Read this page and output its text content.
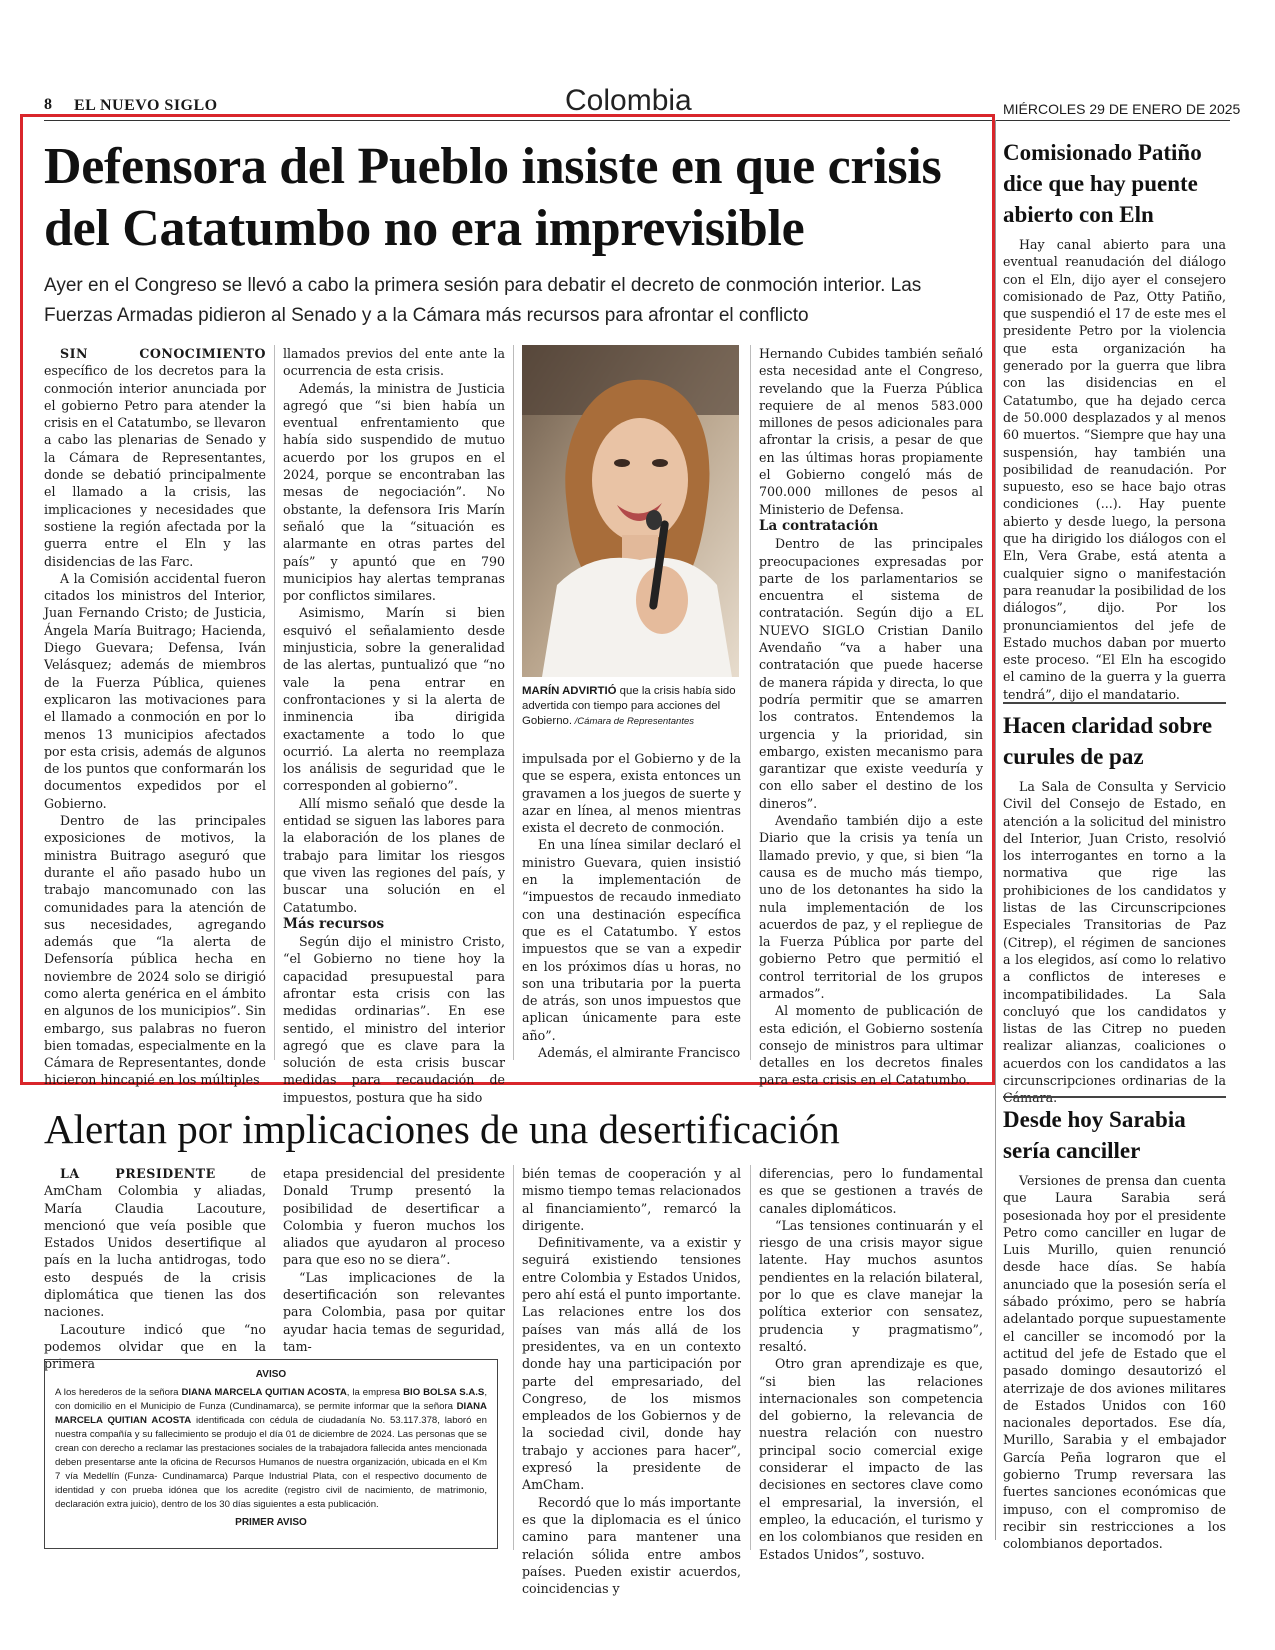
8 EL NUEVO SIGLO	Colombia	MIÉRCOLES 29 DE ENERO DE 2025
Defensora del Pueblo insiste en que crisis del Catatumbo no era imprevisible
Ayer en el Congreso se llevó a cabo la primera sesión para debatir el decreto de conmoción interior. Las Fuerzas Armadas pidieron al Senado y a la Cámara más recursos para afrontar el conflicto

SIN CONOCIMIENTO específico de los decretos para la conmoción interior anunciada por el gobierno Petro para atender la crisis en el Catatumbo, se llevaron a cabo las plenarias de Senado y la Cámara de Representantes, donde se debatió principalmente el llamado a la crisis, las implicaciones y necesidades que sostiene la región afectada por la guerra entre el Eln y las disidencias de las Farc.

A la Comisión accidental fueron citados los ministros del Interior, Juan Fernando Cristo; de Justicia, Ángela María Buitrago; Hacienda, Diego Guevara; Defensa, Iván Velásquez; además de miembros de la Fuerza Pública, quienes explicaron las motivaciones para el llamado a conmoción en por lo menos 13 municipios afectados por esta crisis, además de algunos de los puntos que conformarán los documentos expedidos por el Gobierno.

Dentro de las principales exposiciones de motivos, la ministra Buitrago aseguró que durante el año pasado hubo un trabajo mancomunado con las comunidades para la atención de sus necesidades, agregando además que “la alerta de Defensoría pública hecha en noviembre de 2024 solo se dirigió como alerta genérica en el ámbito en algunos de los municipios”. Sin embargo, sus palabras no fueron bien tomadas, especialmente en la Cámara de Representantes, donde hicieron hincapié en los múltiples

llamados previos del ente ante la ocurrencia de esta crisis.

Además, la ministra de Justicia agregó que “si bien había un eventual enfrentamiento que había sido suspendido de mutuo acuerdo por los grupos en el 2024, porque se encontraban las mesas de negociación”. No obstante, la defensora Iris Marín señaló que la “situación es alarmante en otras partes del país” y apuntó que en 790 municipios hay alertas tempranas por conflictos similares.

Asimismo, Marín si bien esquivó el señalamiento desde minjusticia, sobre la generalidad de las alertas, puntualizó que “no vale la pena entrar en confrontaciones y si la alerta de inminencia iba dirigida exactamente a todo lo que ocurrió. La alerta no reemplaza los análisis de seguridad que le corresponden al gobierno”.

Allí mismo señaló que desde la entidad se siguen las labores para la elaboración de los planes de trabajo para limitar los riesgos que viven las regiones del país, y buscar una solución en el Catatumbo.

Más recursos

Según dijo el ministro Cristo, “el Gobierno no tiene hoy la capacidad presupuestal para afrontar esta crisis con las medidas ordinarias”. En ese sentido, el ministro del interior agregó que es clave para la solución de esta crisis buscar medidas para recaudación de impuestos, postura que ha sido

MARÍN ADVIRTIÓ que la crisis había sido advertida con tiempo para acciones del Gobierno. /Cámara de Representantes

impulsada por el Gobierno y de la que se espera, exista entonces un gravamen a los juegos de suerte y azar en línea, al menos mientras exista el decreto de conmoción.

En una línea similar declaró el ministro Guevara, quien insistió en la implementación de “impuestos de recaudo inmediato con una destinación específica que es el Catatumbo. Y estos impuestos que se van a expedir en los próximos días u horas, no son una tributaria por la puerta de atrás, son unos impuestos que aplican únicamente para este año”.

Además, el almirante Francisco

Hernando Cubides también señaló esta necesidad ante el Congreso, revelando que la Fuerza Pública requiere de al menos 583.000 millones de pesos adicionales para afrontar la crisis, a pesar de que en las últimas horas propiamente el Gobierno congeló más de 700.000 millones de pesos al Ministerio de Defensa.

La contratación

Dentro de las principales preocupaciones expresadas por parte de los parlamentarios se encuentra el sistema de contratación. Según dijo a EL NUEVO SIGLO Cristian Danilo Avendaño “va a haber una contratación que puede hacerse de manera rápida y directa, lo que podría permitir que se amarren los contratos. Entendemos la urgencia y la prioridad, sin embargo, existen mecanismo para garantizar que existe veeduría y con ello saber el destino de los dineros”.

Avendaño también dijo a este Diario que la crisis ya tenía un llamado previo, y que, si bien “la causa es de mucho más tiempo, uno de los detonantes ha sido la nula implementación de los acuerdos de paz, y el repliegue de la Fuerza Pública por parte del gobierno Petro que permitió el control territorial de los grupos armados”.

Al momento de publicación de esta edición, el Gobierno sostenía consejo de ministros para ultimar detalles en los decretos finales para esta crisis en el Catatumbo.

Comisionado Patiño dice que hay puente abierto con Eln

Hay canal abierto para una eventual reanudación del diálogo con el Eln, dijo ayer el consejero comisionado de Paz, Otty Patiño, que suspendió el 17 de este mes el presidente Petro por la violencia que esta organización ha generado por la guerra que libra con las disidencias en el Catatumbo, que ha dejado cerca de 50.000 desplazados y al menos 60 muertos. “Siempre que hay una suspensión, hay también una posibilidad de reanudación. Por supuesto, eso se hace bajo otras condiciones (...). Hay puente abierto y desde luego, la persona que ha dirigido los diálogos con el Eln, Vera Grabe, está atenta a cualquier signo o manifestación para reanudar la posibilidad de los diálogos”, dijo. Por los pronunciamientos del jefe de Estado muchos daban por muerto este proceso. “El Eln ha escogido el camino de la guerra y la guerra tendrá”, dijo el mandatario.

Hacen claridad sobre curules de paz

La Sala de Consulta y Servicio Civil del Consejo de Estado, en atención a la solicitud del ministro del Interior, Juan Cristo, resolvió los interrogantes en torno a la normativa que rige las prohibiciones de los candidatos y listas de las Circunscripciones Especiales Transitorias de Paz (Citrep), el régimen de sanciones a los elegidos, así como lo relativo a conflictos de intereses e incompatibilidades. La Sala concluyó que los candidatos y listas de las Citrep no pueden realizar alianzas, coaliciones o acuerdos con los candidatos a las circunscripciones ordinarias de la Cámara.

Desde hoy Sarabia sería canciller

Versiones de prensa dan cuenta que Laura Sarabia será posesionada hoy por el presidente Petro como canciller en lugar de Luis Murillo, quien renunció desde hace días. Se había anunciado que la posesión sería el sábado próximo, pero se habría adelantado porque supuestamente el canciller se incomodó por la actitud del jefe de Estado que el pasado domingo desautorizó el aterrizaje de dos aviones militares de Estados Unidos con 160 nacionales deportados. Ese día, Murillo, Sarabia y el embajador García Peña lograron que el gobierno Trump reversara las fuertes sanciones económicas que impuso, con el compromiso de recibir sin restricciones a los colombianos deportados.

Alertan por implicaciones de una desertificación

LA PRESIDENTE de AmCham Colombia y aliadas, María Claudia Lacouture, mencionó que veía posible que Estados Unidos desertifique al país en la lucha antidrogas, todo esto después de la crisis diplomática que tienen las dos naciones.

Lacouture indicó que “no podemos olvidar que en la primera

etapa presidencial del presidente Donald Trump presentó la posibilidad de desertificar a Colombia y fueron muchos los aliados que ayudaron al proceso para que eso no se diera”.

“Las implicaciones de la desertificación son relevantes para Colombia, pasa por quitar ayudar hacia temas de seguridad, tam-

bién temas de cooperación y al mismo tiempo temas relacionados al financiamiento”, remarcó la dirigente.

Definitivamente, va a existir y seguirá existiendo tensiones entre Colombia y Estados Unidos, pero ahí está el punto importante. Las relaciones entre los dos países van más allá de los presidentes, va en un contexto donde hay una participación por parte del empresariado, del Congreso, de los mismos empleados de los Gobiernos y de la sociedad civil, donde hay trabajo y acciones para hacer”, expresó la presidente de AmCham.

Recordó que lo más importante es que la diplomacia es el único camino para mantener una relación sólida entre ambos países. Pueden existir acuerdos, coincidencias y

diferencias, pero lo fundamental es que se gestionen a través de canales diplomáticos.

“Las tensiones continuarán y el riesgo de una crisis mayor sigue latente. Hay muchos asuntos pendientes en la relación bilateral, por lo que es clave manejar la política exterior con sensatez, prudencia y pragmatismo”, resaltó.

Otro gran aprendizaje es que, “si bien las relaciones internacionales son competencia del gobierno, la relevancia de nuestra relación con nuestro principal socio comercial exige considerar el impacto de las decisiones en sectores clave como el empresarial, la inversión, el empleo, la educación, el turismo y en los colombianos que residen en Estados Unidos”, sostuvo.

AVISO
A los herederos de la señora DIANA MARCELA QUITIAN ACOSTA, la empresa BIO BOLSA S.A.S, con domicilio en el Municipio de Funza (Cundinamarca), se permite informar que la señora DIANA MARCELA QUITIAN ACOSTA identificada con cédula de ciudadanía No. 53.117.378, laboró en nuestra compañía y su fallecimiento se produjo el día 01 de diciembre de 2024. Las personas que se crean con derecho a reclamar las prestaciones sociales de la trabajadora fallecida antes mencionada deben presentarse ante la oficina de Recursos Humanos de nuestra organización, ubicada en el Km 7 vía Medellín (Funza- Cundinamarca) Parque Industrial Plata, con el respectivo documento de identidad y con prueba idónea que los acredite (registro civil de nacimiento, de matrimonio, declaración extra juicio), dentro de los 30 días siguientes a esta publicación.
PRIMER AVISO
